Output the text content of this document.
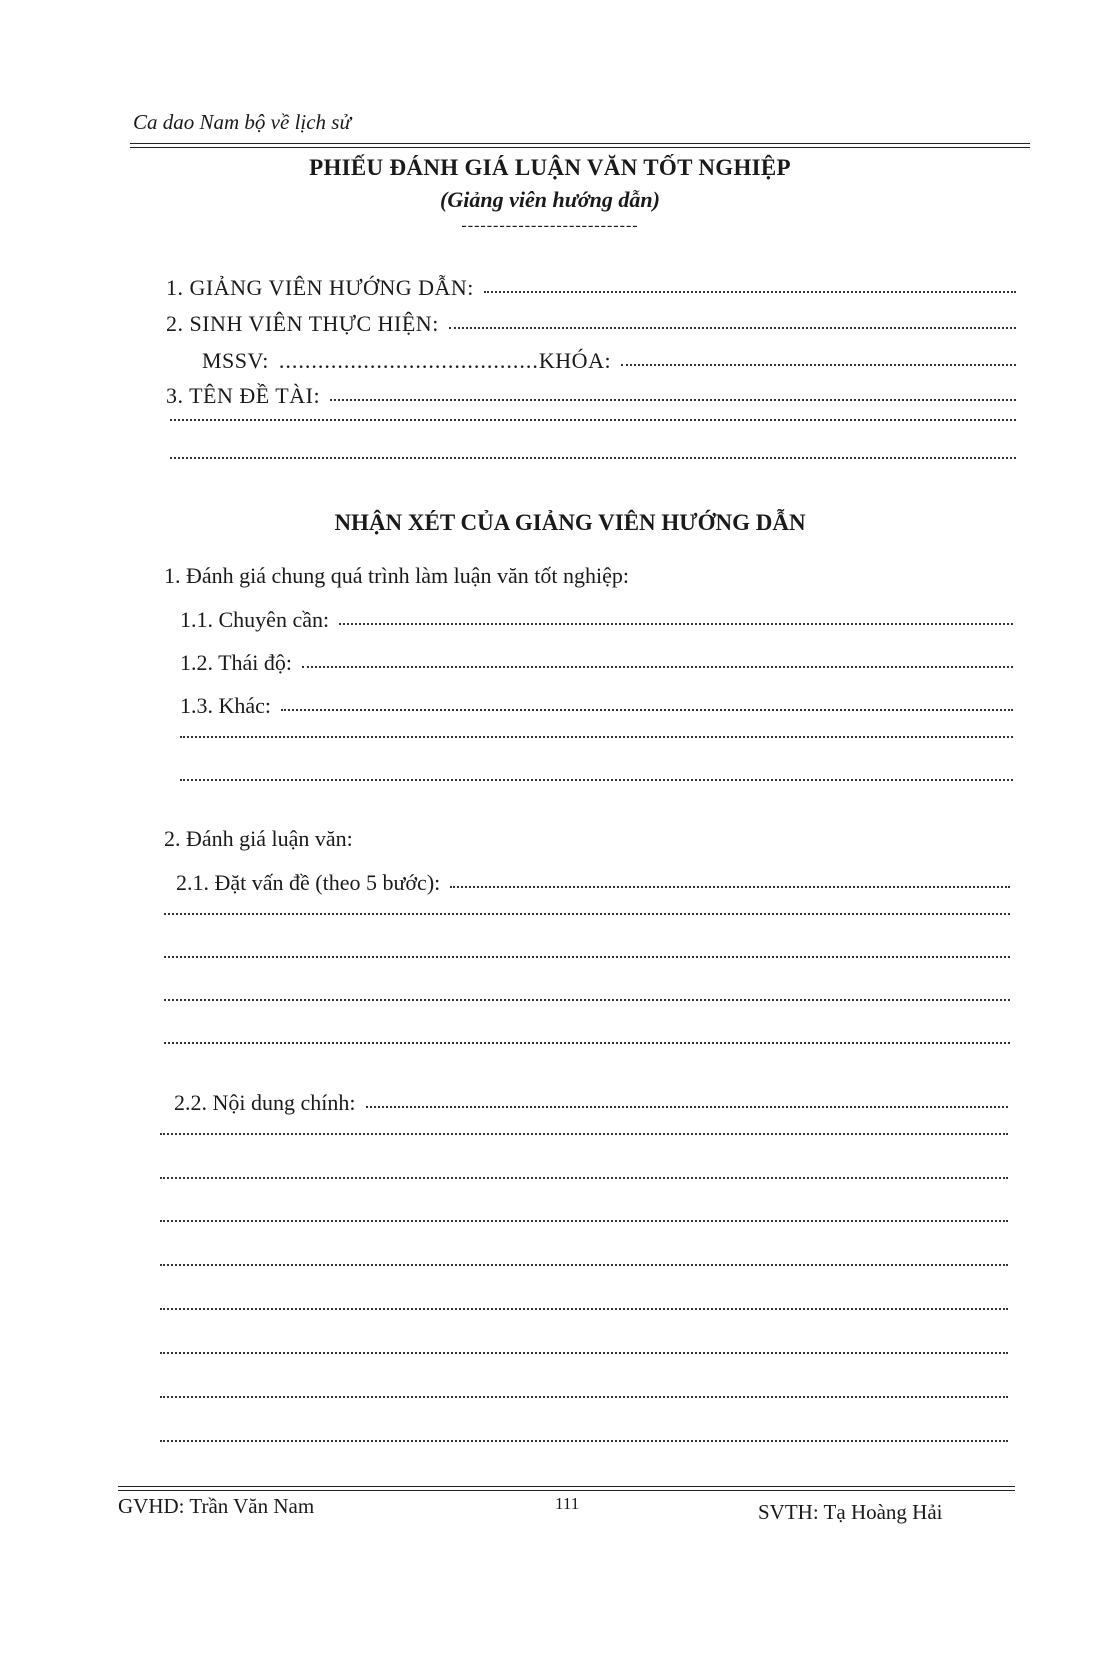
Ca dao Nam bộ về lịch sử
PHIẾU ĐÁNH GIÁ LUẬN VĂN TỐT NGHIỆP
(Giảng viên hướng dẫn)
----------------------------
1. GIẢNG VIÊN HƯỚNG DẪN:
2. SINH VIÊN THỰC HIỆN:
MSSV: ........................................ KHÓA:
3. TÊN ĐỀ TÀI:
NHẬN XÉT CỦA GIẢNG VIÊN HƯỚNG DẪN
1. Đánh giá chung quá trình làm luận văn tốt nghiệp:
1.1. Chuyên cần:
1.2. Thái độ:
1.3. Khác:
2. Đánh giá luận văn:
2.1. Đặt vấn đề (theo 5 bước):
2.2. Nội dung chính:
GVHD: Trần Văn Nam	111	SVTH: Tạ Hoàng Hải
